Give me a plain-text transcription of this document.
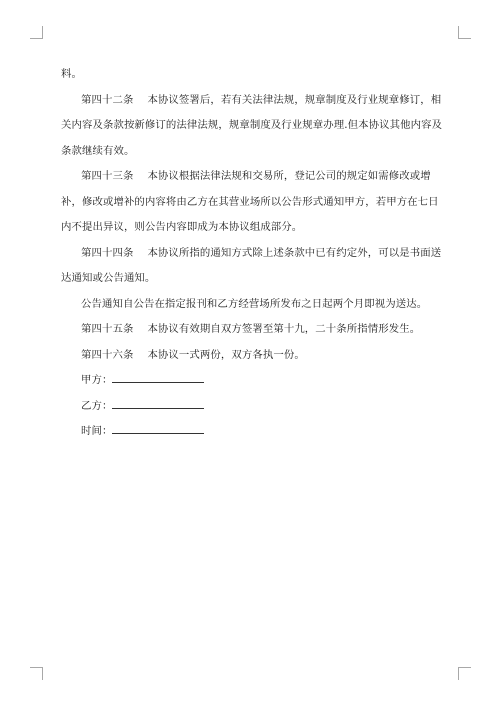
料。

第四十二条 本协议签署后，若有关法律法规，规章制度及行业规章修订，相关内容及条款按新修订的法律法规，规章制度及行业规章办理.但本协议其他内容及条款继续有效。

第四十三条 本协议根据法律法规和交易所，登记公司的规定如需修改或增补，修改或增补的内容将由乙方在其营业场所以公告形式通知甲方，若甲方在七日内不提出异议，则公告内容即成为本协议组成部分。

第四十四条 本协议所指的通知方式除上述条款中已有约定外，可以是书面送达通知或公告通知。

公告通知自公告在指定报刊和乙方经营场所发布之日起两个月即视为送达。

第四十五条 本协议有效期自双方签署至第十九，二十条所指情形发生。

第四十六条 本协议一式两份，双方各执一份。

甲方：

乙方：

时间：
